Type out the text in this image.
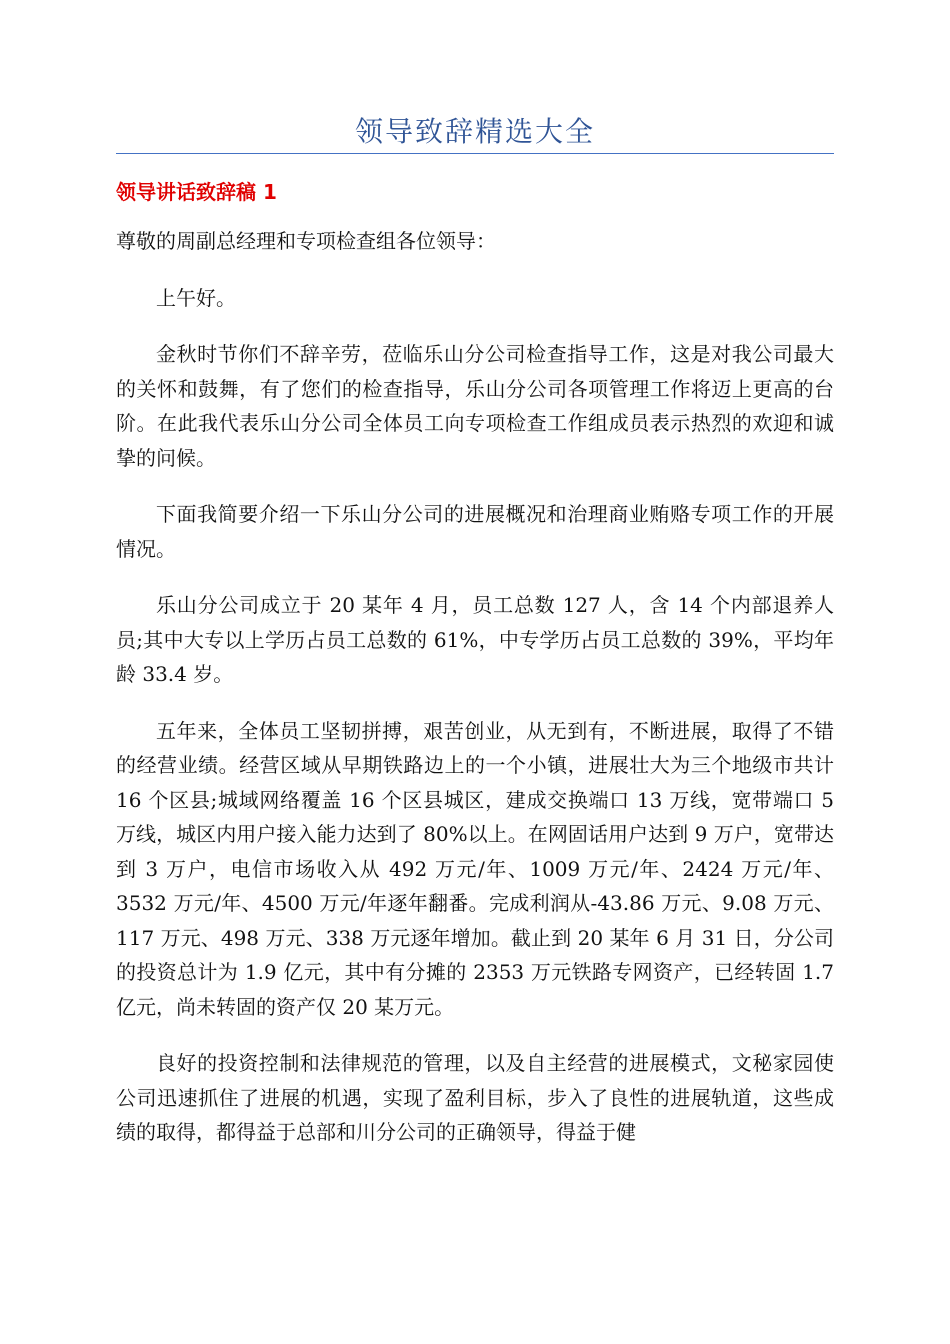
领导致辞精选大全
领导讲话致辞稿 1

尊敬的周副总经理和专项检查组各位领导：

上午好。

金秋时节你们不辞辛劳，莅临乐山分公司检查指导工作，这是对我公司最大的关怀和鼓舞，有了您们的检查指导，乐山分公司各项管理工作将迈上更高的台阶。在此我代表乐山分公司全体员工向专项检查工作组成员表示热烈的欢迎和诚挚的问候。

下面我简要介绍一下乐山分公司的进展概况和治理商业贿赂专项工作的开展情况。

乐山分公司成立于 20 某年 4 月，员工总数 127 人，含 14 个内部退养人员;其中大专以上学历占员工总数的 61%，中专学历占员工总数的 39%，平均年龄 33.4 岁。

五年来，全体员工坚韧拼搏，艰苦创业，从无到有，不断进展，取得了不错的经营业绩。经营区域从早期铁路边上的一个小镇，进展壮大为三个地级市共计 16 个区县;城域网络覆盖 16 个区县城区，建成交换端口 13 万线，宽带端口 5 万线，城区内用户接入能力达到了 80%以上。在网固话用户达到 9 万户，宽带达到 3 万户，电信市场收入从 492 万元/年、1009 万元/年、2424 万元/年、3532 万元/年、4500 万元/年逐年翻番。完成利润从-43.86 万元、9.08 万元、117 万元、498 万元、338 万元逐年增加。截止到 20 某年 6 月 31 日，分公司的投资总计为 1.9 亿元，其中有分摊的 2353 万元铁路专网资产，已经转固 1.7 亿元，尚未转固的资产仅 20 某万元。

良好的投资控制和法律规范的管理，以及自主经营的进展模式，文秘家园使公司迅速抓住了进展的机遇，实现了盈利目标，步入了良性的进展轨道，这些成绩的取得，都得益于总部和川分公司的正确领导，得益于健
